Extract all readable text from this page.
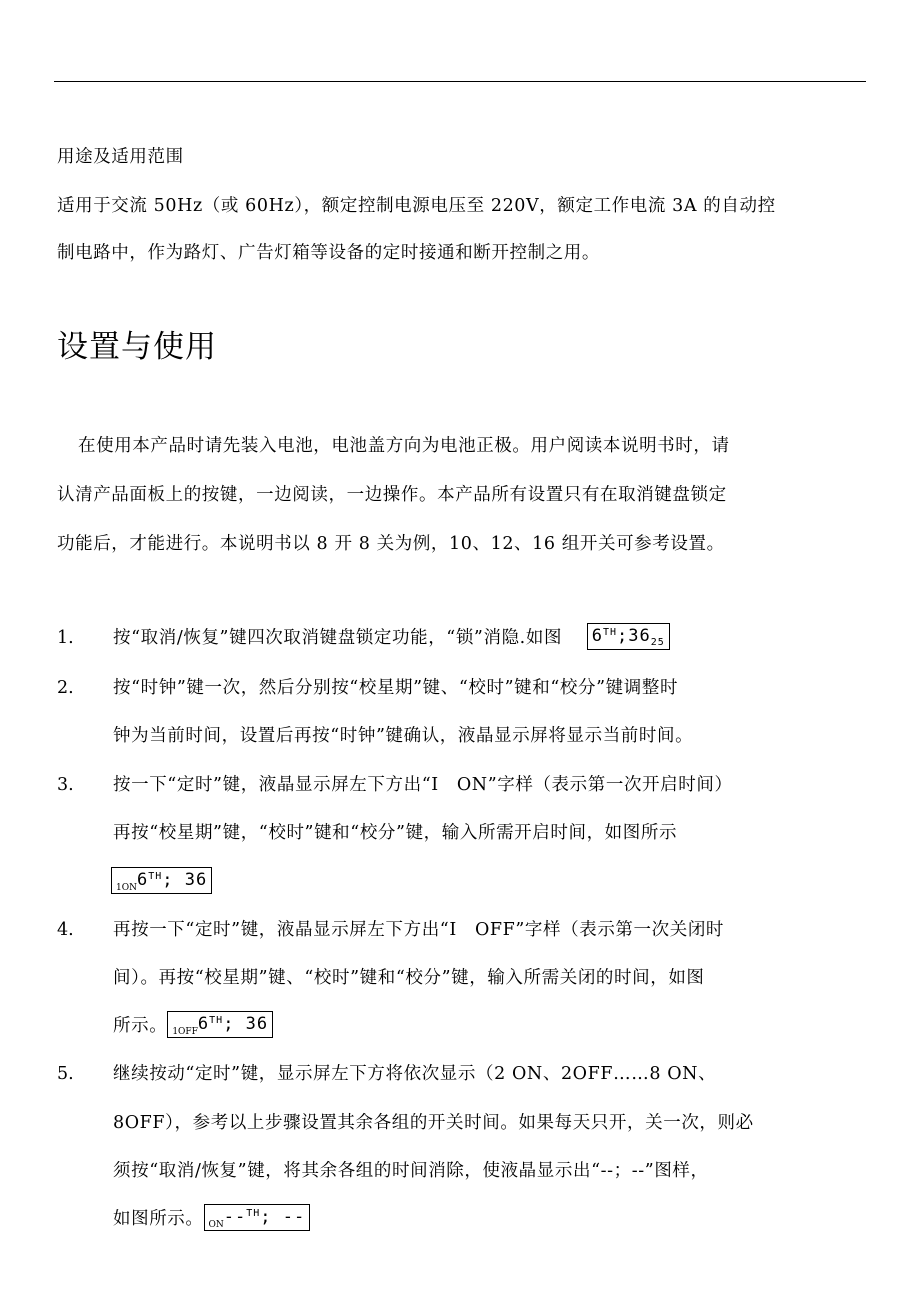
用途及适用范围
适用于交流 50Hz（或 60Hz），额定控制电源电压至 220V，额定工作电流 3A 的自动控
制电路中，作为路灯、广告灯箱等设备的定时接通和断开控制之用。
设置与使用
在使用本产品时请先装入电池，电池盖方向为电池正极。用户阅读本说明书时，请
认清产品面板上的按键，一边阅读，一边操作。本产品所有设置只有在取消键盘锁定
功能后，才能进行。本说明书以 8 开 8 关为例，10、12、16 组开关可参考设置。
1. 按“取消/恢复”键四次取消键盘锁定功能，“锁”消隐.如图 $6TH;36_{25}$
2. 按“时钟”键一次，然后分别按“校星期”键、“校时”键和“校分”键调整时
钟为当前时间，设置后再按“时钟”键确认，液晶显示屏将显示当前时间。
3. 按一下“定时”键，液晶显示屏左下方出“I　ON”字样（表示第一次开启时间）
再按“校星期”键，“校时”键和“校分”键，输入所需开启时间，如图所示
$_{1ON}$6TH; 36
4. 再按一下“定时”键，液晶显示屏左下方出“I　OFF”字样（表示第一次关闭时
间）。再按“校星期”键、“校时”键和“校分”键，输入所需关闭的时间，如图
所示。 $_{1OFF}$6TH; 36
5. 继续按动“定时”键，显示屏左下方将依次显示（2 ON、2OFF……8 ON、
8OFF），参考以上步骤设置其余各组的开关时间。如果每天只开，关一次，则必
须按“取消/恢复”键，将其余各组的时间消除，使液晶显示出“--；--”图样，
如图所示。 $_{ON}$--$^{TH}$; --
